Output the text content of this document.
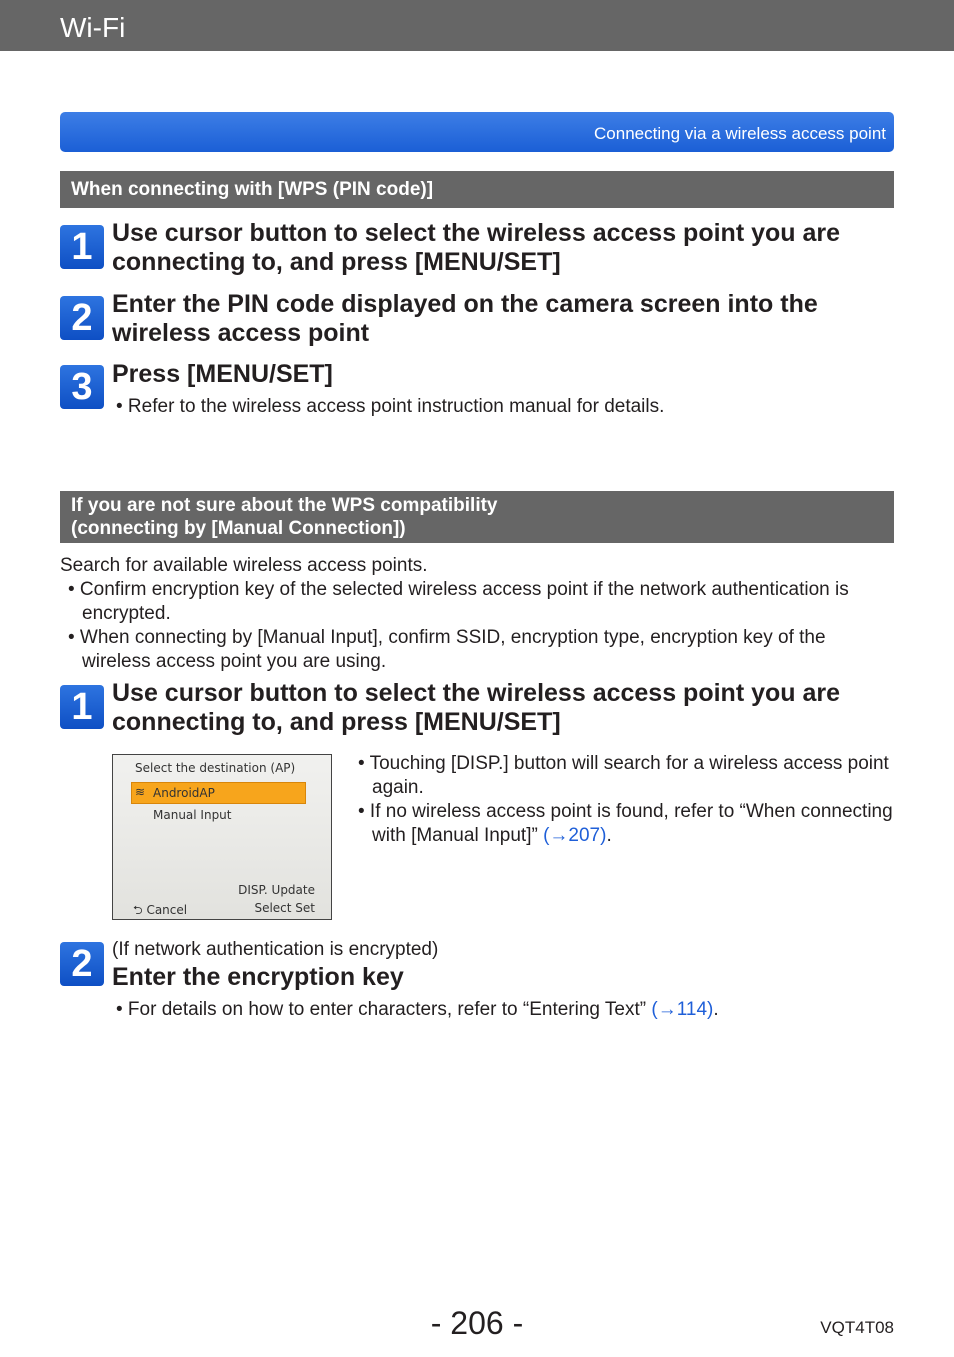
Wi-Fi
Connecting via a wireless access point
When connecting with [WPS (PIN code)]
1 Use cursor button to select the wireless access point you are connecting to, and press [MENU/SET]
2 Enter the PIN code displayed on the camera screen into the wireless access point
3 Press [MENU/SET]
• Refer to the wireless access point instruction manual for details.
If you are not sure about the WPS compatibility
(connecting by [Manual Connection])
Search for available wireless access points.
• Confirm encryption key of the selected wireless access point if the network authentication is encrypted.
• When connecting by [Manual Input], confirm SSID, encryption type, encryption key of the wireless access point you are using.
1 Use cursor button to select the wireless access point you are connecting to, and press [MENU/SET]
Select the destination (AP)
≋ AndroidAP
Manual Input
DISP. Update
⮌ Cancel	Select Set
• Touching [DISP.] button will search for a wireless access point again.
• If no wireless access point is found, refer to “When connecting with [Manual Input]” (→207).
2	(If network authentication is encrypted)
Enter the encryption key
• For details on how to enter characters, refer to “Entering Text” (→114).
- 206 -	VQT4T08
